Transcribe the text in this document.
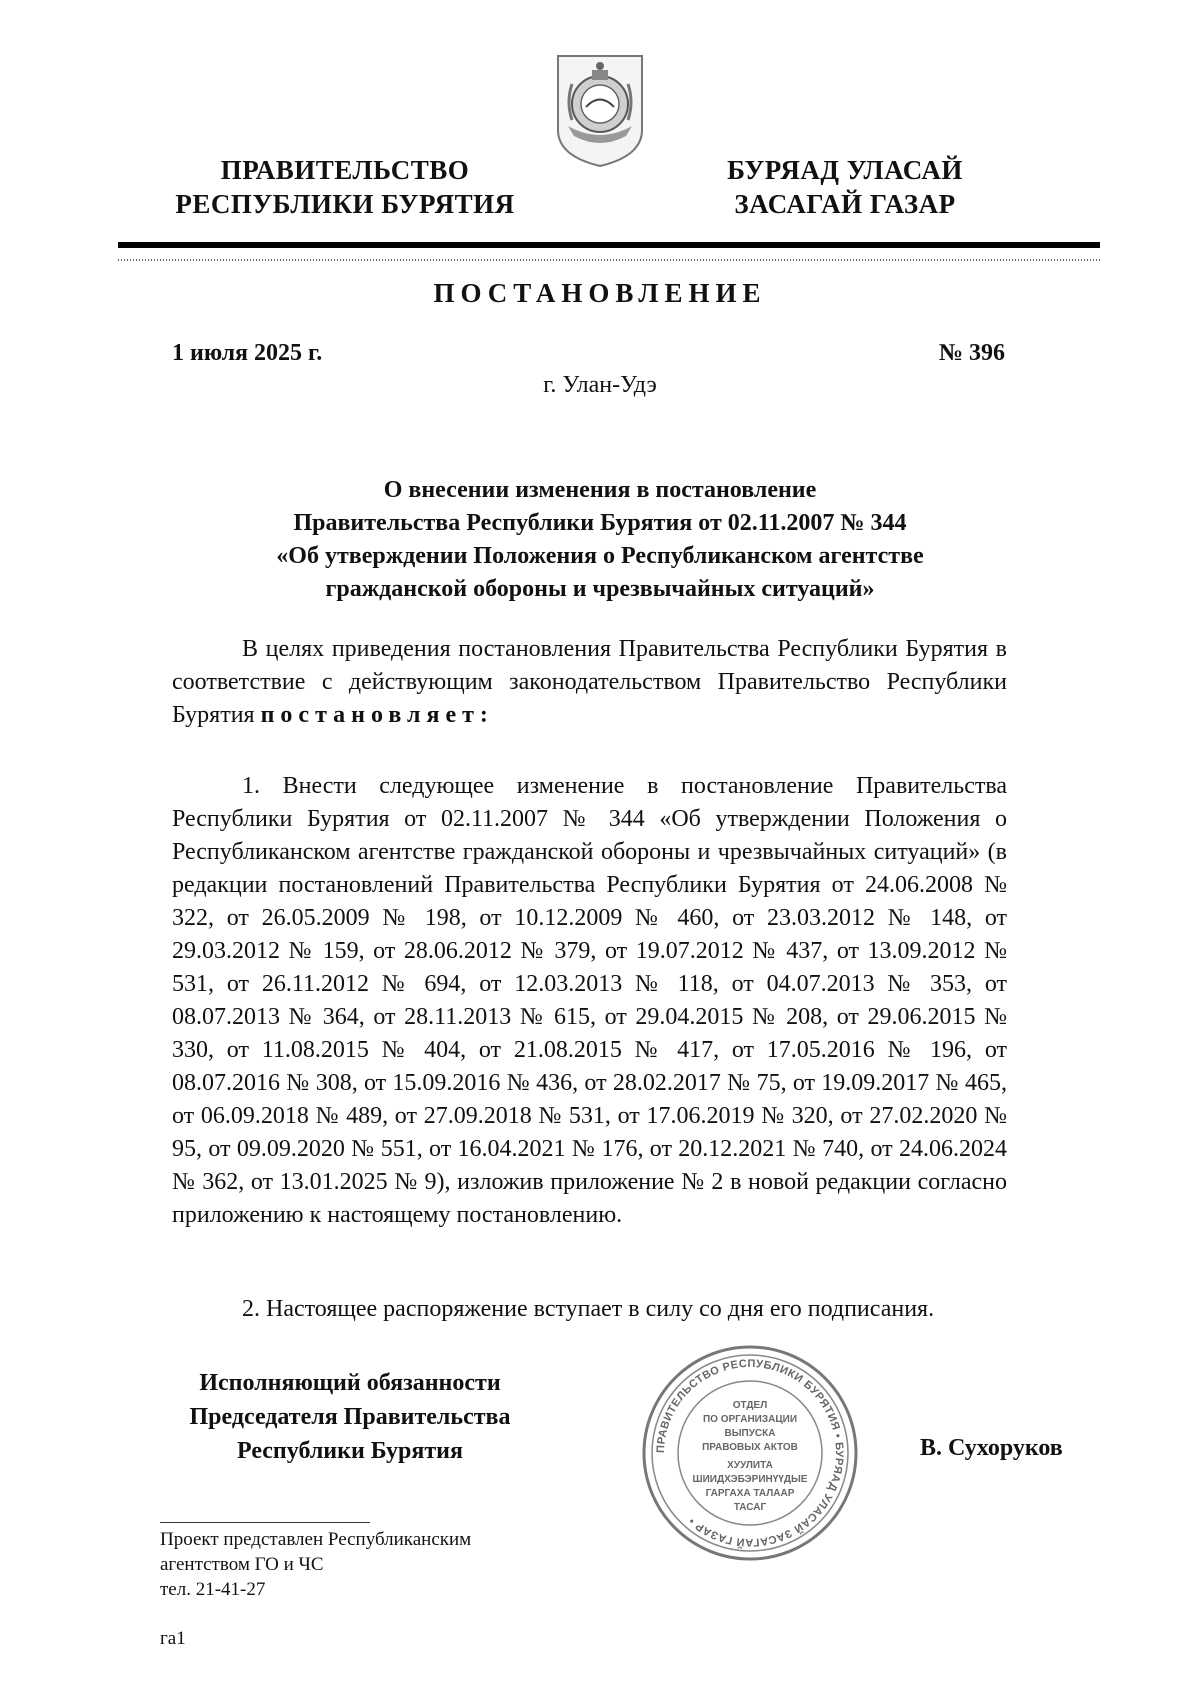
ПРАВИТЕЛЬСТВО
РЕСПУБЛИКИ БУРЯТИЯ
БУРЯАД УЛАСАЙ
ЗАСАГАЙ ГАЗАР
ПОСТАНОВЛЕНИЕ
1 июля 2025 г.	№ 396
г. Улан-Удэ
О внесении изменения в постановление
Правительства Республики Бурятия от 02.11.2007 № 344
«Об утверждении Положения о Республиканском агентстве
гражданской обороны и чрезвычайных ситуаций»
В целях приведения постановления Правительства Республики Бурятия в соответствие с действующим законодательством Правительство Республики Бурятия постановляет:
1. Внести следующее изменение в постановление Правительства Республики Бурятия от 02.11.2007 № 344 «Об утверждении Положения о Республиканском агентстве гражданской обороны и чрезвычайных ситуаций» (в редакции постановлений Правительства Республики Бурятия от 24.06.2008 № 322, от 26.05.2009 № 198, от 10.12.2009 № 460, от 23.03.2012 № 148, от 29.03.2012 № 159, от 28.06.2012 № 379, от 19.07.2012 № 437, от 13.09.2012 № 531, от 26.11.2012 № 694, от 12.03.2013 № 118, от 04.07.2013 № 353, от 08.07.2013 № 364, от 28.11.2013 № 615, от 29.04.2015 № 208, от 29.06.2015 № 330, от 11.08.2015 № 404, от 21.08.2015 № 417, от 17.05.2016 № 196, от 08.07.2016 № 308, от 15.09.2016 № 436, от 28.02.2017 № 75, от 19.09.2017 № 465, от 06.09.2018 № 489, от 27.09.2018 № 531, от 17.06.2019 № 320, от 27.02.2020 № 95, от 09.09.2020 № 551, от 16.04.2021 № 176, от 20.12.2021 № 740, от 24.06.2024 № 362, от 13.01.2025 № 9), изложив приложение № 2 в новой редакции согласно приложению к настоящему постановлению.
2. Настоящее распоряжение вступает в силу со дня его подписания.
Исполняющий обязанности
Председателя Правительства
Республики Бурятия	В. Сухоруков
ПРАВИТЕЛЬСТВО РЕСПУБЛИКИ БУРЯТИЯ • БУРЯАД УЛАСАЙ ЗАСАГАЙ ГАЗАР •
ОТДЕЛ
ПО ОРГАНИЗАЦИИ
ВЫПУСКА
ПРАВОВЫХ АКТОВ
ХУУЛИТА
ШИИДХЭБЭРИНҮҮДЫЕ
ГАРГАХА ТАЛААР
ТАСАГ
Проект представлен Республиканским
агентством ГО и ЧС
тел. 21-41-27
га1
